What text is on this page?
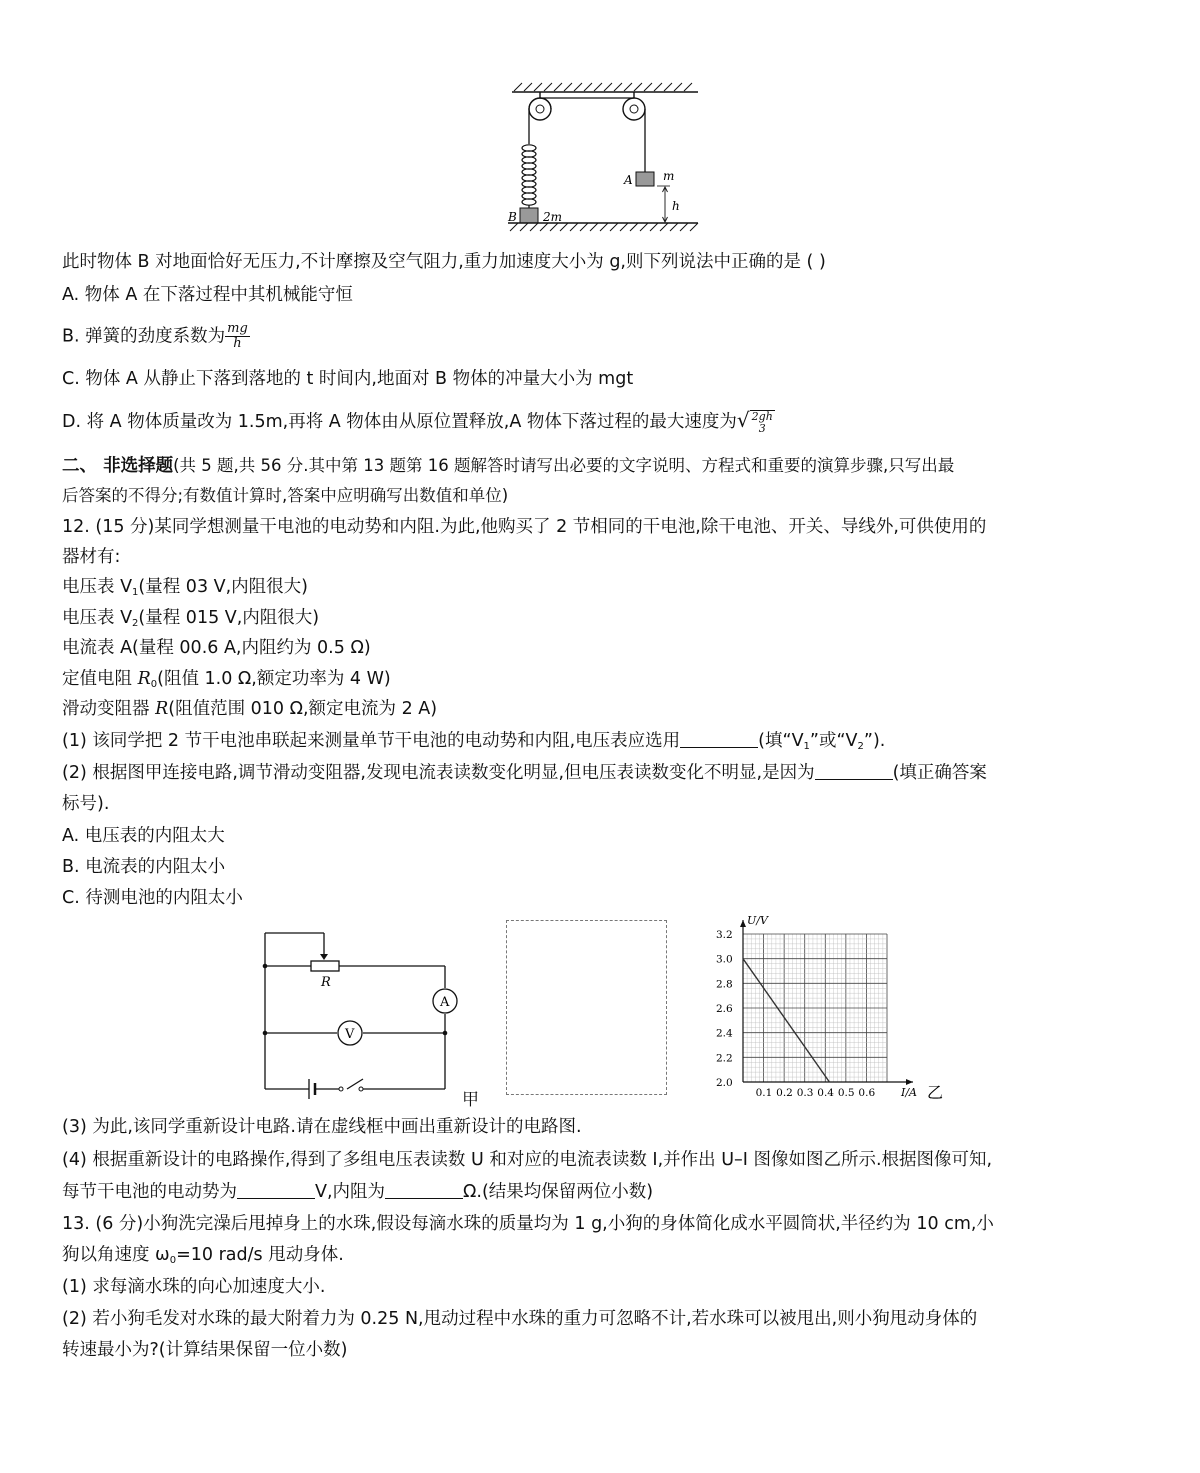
B 2m
A	m
h
此时物体 B 对地面恰好无压力,不计摩擦及空气阻力,重力加速度大小为 g,则下列说法中正确的是 ( )
A. 物体 A 在下落过程中其机械能守恒
B. 弹簧的劲度系数为 $\frac{mg}{h}$
C. 物体 A 从静止下落到落地的 t 时间内,地面对 B 物体的冲量大小为 mgt
D. 将 A 物体质量改为 1.5m,再将 A 物体由从原位置释放,A 物体下落过程的最大速度为√ 2gh
3
二、 非选择题(共 5 题,共 56 分.其中第 13 题第 16 题解答时请写出必要的文字说明、方程式和重要的演算步骤,只写出最
后答案的不得分;有数值计算时,答案中应明确写出数值和单位)
12. (15 分)某同学想测量干电池的电动势和内阻.为此,他购买了 2 节相同的干电池,除干电池、开关、导线外,可供使用的
器材有:
电压表 $V_1$(量程 03 V,内阻很大)
电压表 $V_2$(量程 015 V,内阻很大)
电流表 A(量程 00.6 A,内阻约为 0.5 Ω)
定值电阻 $R_0$(阻值 1.0 Ω,额定功率为 4 W)
滑动变阻器 R(阻值范围 010 Ω,额定电流为 2 A)
(1) 该同学把 2 节干电池串联起来测量单节干电池的电动势和内阻,电压表应选用	(填“$V_1$”或“$V_2$”).
(2) 根据图甲连接电路,调节滑动变阻器,发现电流表读数变化明显,但电压表读数变化不明显,是因为	(填正确答案
标号).
A. 电压表的内阻太大
B. 电流表的内阻太小
C. 待测电池的内阻太小
A
V
R
甲	0.1 0.2 0.3 0.4 0.5 0.6
2.0
2.2
2.4
2.6
2.8
3.0
3.2
I/A
U/V
乙
(3) 为此,该同学重新设计电路.请在虚线框中画出重新设计的电路图.
(4) 根据重新设计的电路操作,得到了多组电压表读数 U 和对应的电流表读数 I,并作出 U–I 图像如图乙所示.根据图像可知,
每节干电池的电动势为	V,内阻为	Ω.(结果均保留两位小数)
13. (6 分)小狗洗完澡后甩掉身上的水珠,假设每滴水珠的质量均为 1 g,小狗的身体简化成水平圆筒状,半径约为 10 cm,小
狗以角速度 $\omega_0=10$ rad/s 甩动身体.
(1) 求每滴水珠的向心加速度大小.
(2) 若小狗毛发对水珠的最大附着力为 0.25 N,甩动过程中水珠的重力可忽略不计,若水珠可以被甩出,则小狗甩动身体的
转速最小为?(计算结果保留一位小数)
